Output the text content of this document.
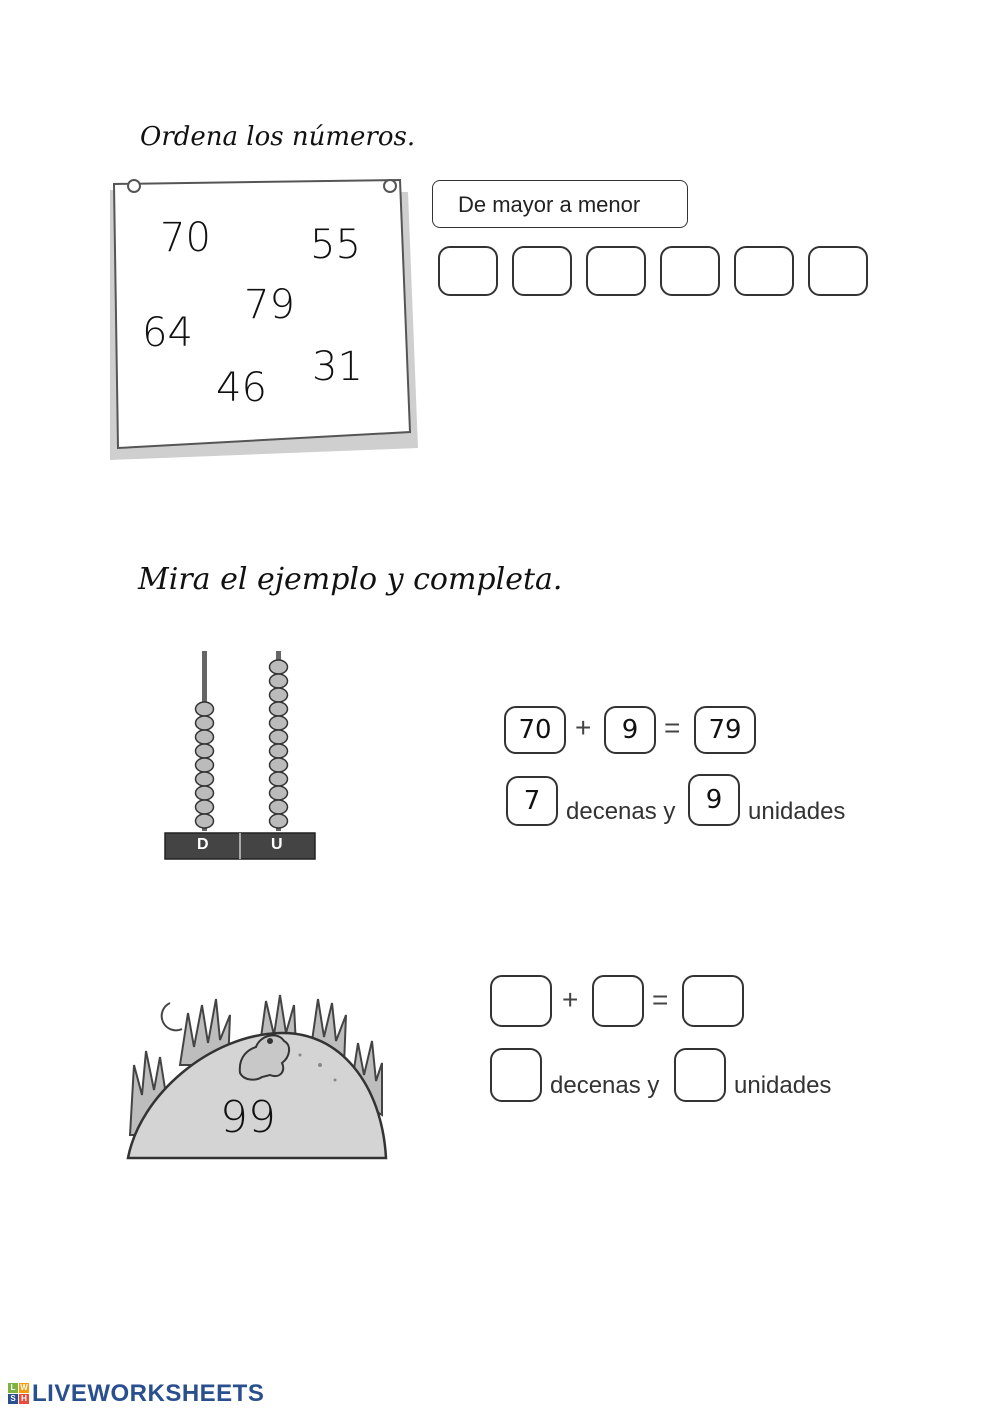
Ordena los números.
70 55
79
64
31
46
De mayor a menor
Mira el ejemplo y completa.
D	U
70 +	9 =	79
7	decenas y	9	unidades
99
+	=
decenas y	unidades
L W
S H LIVEWORKSHEETS
